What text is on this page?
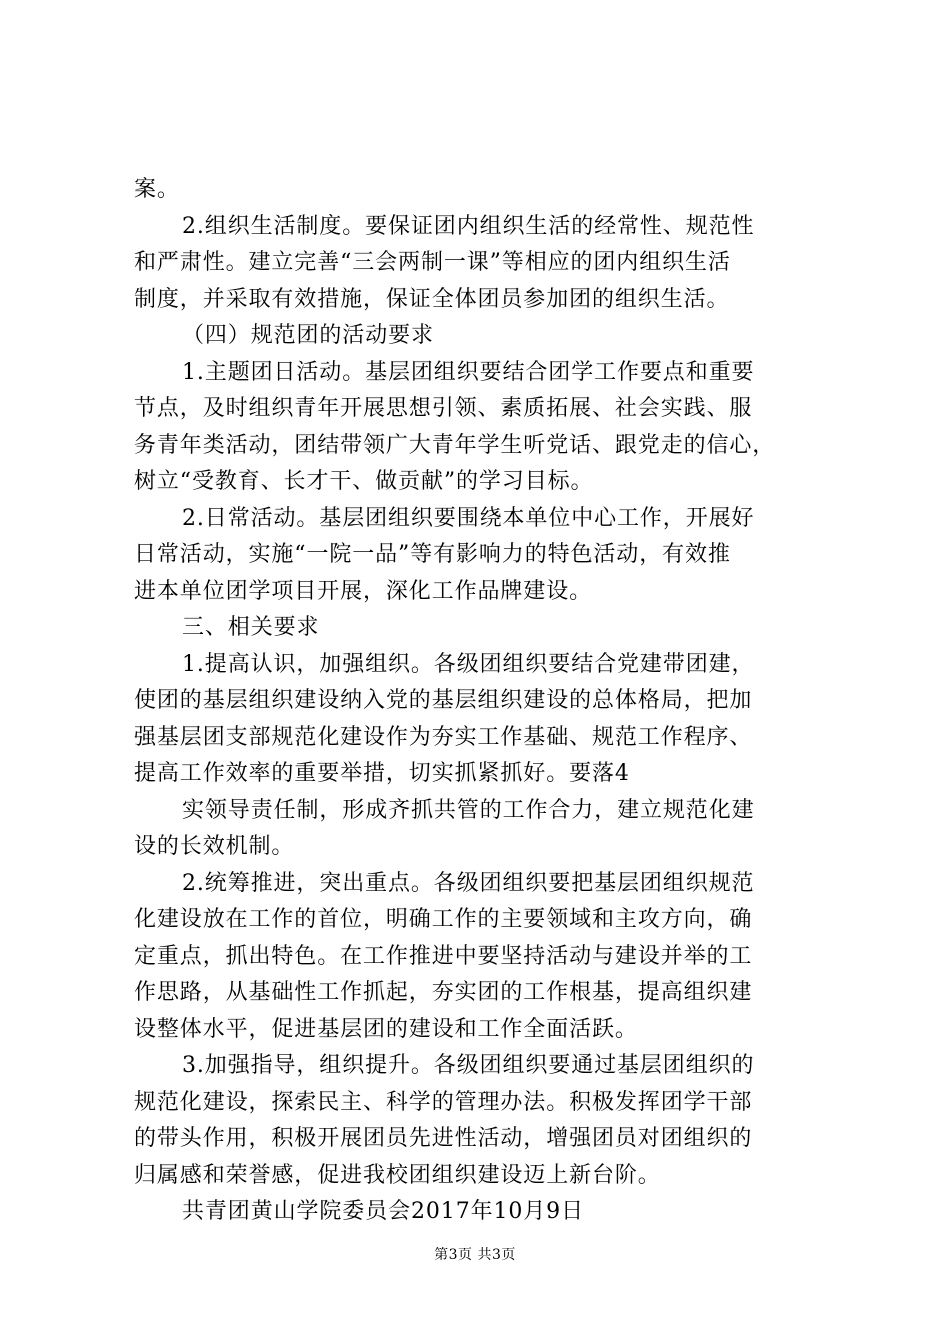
案。
2.组织生活制度。要保证团内组织生活的经常性、规范性
和严肃性。建立完善“三会两制一课”等相应的团内组织生活
制度，并采取有效措施，保证全体团员参加团的组织生活。
（四）规范团的活动要求
1.主题团日活动。基层团组织要结合团学工作要点和重要
节点，及时组织青年开展思想引领、素质拓展、社会实践、服
务青年类活动，团结带领广大青年学生听党话、跟党走的信心，
树立“受教育、长才干、做贡献”的学习目标。
2.日常活动。基层团组织要围绕本单位中心工作，开展好
日常活动，实施“一院一品”等有影响力的特色活动，有效推
进本单位团学项目开展，深化工作品牌建设。
三、相关要求
1.提高认识，加强组织。各级团组织要结合党建带团建，
使团的基层组织建设纳入党的基层组织建设的总体格局，把加
强基层团支部规范化建设作为夯实工作基础、规范工作程序、
提高工作效率的重要举措，切实抓紧抓好。要落4
实领导责任制，形成齐抓共管的工作合力，建立规范化建
设的长效机制。
2.统筹推进，突出重点。各级团组织要把基层团组织规范
化建设放在工作的首位，明确工作的主要领域和主攻方向，确
定重点，抓出特色。在工作推进中要坚持活动与建设并举的工
作思路，从基础性工作抓起，夯实团的工作根基，提高组织建
设整体水平，促进基层团的建设和工作全面活跃。
3.加强指导，组织提升。各级团组织要通过基层团组织的
规范化建设，探索民主、科学的管理办法。积极发挥团学干部
的带头作用，积极开展团员先进性活动，增强团员对团组织的
归属感和荣誉感，促进我校团组织建设迈上新台阶。
共青团黄山学院委员会2017年10月9日
第3页 共3页
